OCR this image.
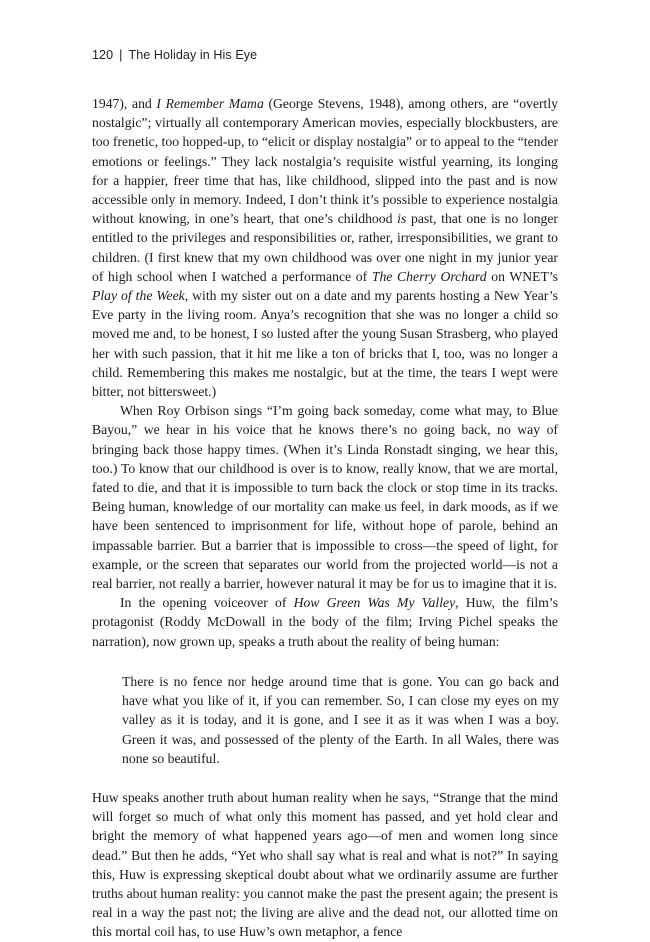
120 | The Holiday in His Eye

1947), and I Remember Mama (George Stevens, 1948), among others, are “overtly nostalgic”; virtually all contemporary American movies, especially blockbusters, are too frenetic, too hopped-up, to “elicit or display nostalgia” or to appeal to the “tender emotions or feelings.” They lack nostalgia’s requisite wistful yearning, its longing for a happier, freer time that has, like childhood, slipped into the past and is now accessible only in memory. Indeed, I don’t think it’s possible to experience nostalgia without knowing, in one’s heart, that one’s childhood is past, that one is no longer entitled to the privileges and responsibilities or, rather, irresponsibilities, we grant to children. (I first knew that my own childhood was over one night in my junior year of high school when I watched a performance of The Cherry Orchard on WNET’s Play of the Week, with my sister out on a date and my parents hosting a New Year’s Eve party in the living room. Anya’s recognition that she was no longer a child so moved me and, to be honest, I so lusted after the young Susan Strasberg, who played her with such passion, that it hit me like a ton of bricks that I, too, was no longer a child. Remembering this makes me nostalgic, but at the time, the tears I wept were bitter, not bittersweet.)

When Roy Orbison sings “I’m going back someday, come what may, to Blue Bayou,” we hear in his voice that he knows there’s no going back, no way of bringing back those happy times. (When it’s Linda Ronstadt singing, we hear this, too.) To know that our childhood is over is to know, really know, that we are mortal, fated to die, and that it is impossible to turn back the clock or stop time in its tracks. Being human, knowledge of our mortality can make us feel, in dark moods, as if we have been sentenced to imprisonment for life, without hope of parole, behind an impassable barrier. But a barrier that is impossible to cross—the speed of light, for example, or the screen that separates our world from the projected world—is not a real barrier, not really a barrier, however natural it may be for us to imagine that it is.

In the opening voiceover of How Green Was My Valley, Huw, the film’s protagonist (Roddy McDowall in the body of the film; Irving Pichel speaks the narration), now grown up, speaks a truth about the reality of being human:

There is no fence nor hedge around time that is gone. You can go back and have what you like of it, if you can remember. So, I can close my eyes on my valley as it is today, and it is gone, and I see it as it was when I was a boy. Green it was, and possessed of the plenty of the Earth. In all Wales, there was none so beautiful.

Huw speaks another truth about human reality when he says, “Strange that the mind will forget so much of what only this moment has passed, and yet hold clear and bright the memory of what happened years ago—of men and women long since dead.” But then he adds, “Yet who shall say what is real and what is not?” In saying this, Huw is expressing skeptical doubt about what we ordinarily assume are further truths about human reality: you cannot make the past the present again; the present is real in a way the past not; the living are alive and the dead not, our allotted time on this mortal coil has, to use Huw’s own metaphor, a fence
